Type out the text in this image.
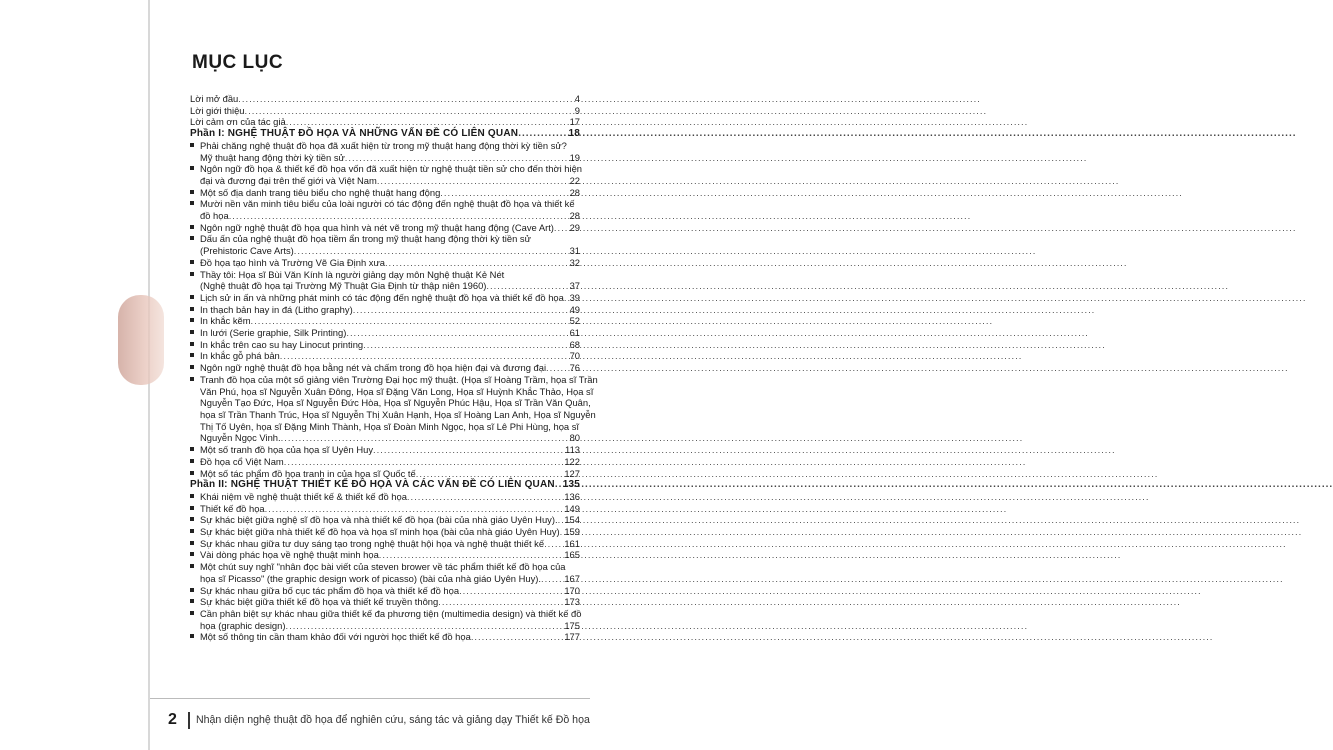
MỤC LỤC
Lời mở đầu .....	4
Lời giới thiệu .....	9
Lời cảm ơn của tác giả .....	17
Phần I: NGHỆ THUẬT ĐỒ HỌA VÀ NHỮNG VẤN ĐỀ CÓ LIÊN QUAN .....	18
Phải chăng nghệ thuật đồ họa đã xuất hiện từ trong mỹ thuật hang động thời kỳ tiền sử?
Mỹ thuật hang động thời kỳ tiền sử .....	19
Ngôn ngữ đồ họa & thiết kế đồ họa vốn đã xuất hiện từ nghệ thuật tiền sử cho đến thời hiện
đại và đương đại trên thế giới và Việt Nam .....	22
Một số địa danh trang tiêu biểu cho nghệ thuật hang động .....	28
Mười nền văn minh tiêu biểu của loài người có tác động đến nghệ thuật đồ họa và thiết kế
đồ họa .....	28
Ngôn ngữ nghệ thuật đồ họa qua hình và nét vẽ trong mỹ thuật hang động (Cave Art) ..... 29
Dấu ấn của nghệ thuật đồ họa tiềm ẩn trong mỹ thuật hang động thời kỳ tiền sử
(Prehistoric Cave Arts) .....	31
Đồ họa tạo hình và Trường Vẽ Gia Định xưa .....	32
Thầy tôi: Họa sĩ Bùi Văn Kính là người giảng dạy môn Nghệ thuật Kẻ Nét
(Nghệ thuật đồ họa tại Trường Mỹ Thuật Gia Định từ thập niên 1960) .....	37
Lịch sử in ấn và những phát minh có tác động đến nghệ thuật đồ họa và thiết kế đồ họa ..... 39
In thạch bản hay in đá (Litho graphy) .....	49
In khắc kẽm .....	52
In lưới (Serie graphie, Silk Printing) .....	61
In khắc trên cao su hay Linocut printing .....	68
In khắc gỗ phá bản .....	70
Ngôn ngữ nghệ thuật đồ họa bằng nét và chấm trong đồ họa hiện đại và đương đại .....	76
Tranh đồ họa của một số giảng viên Trường Đại học mỹ thuật. (Họa sĩ Hoàng Trầm, họa sĩ Trần
Văn Phú, họa sĩ Nguyễn Xuân Đông, Họa sĩ Đặng Văn Long, Họa sĩ Huỳnh Khắc Thảo, Họa sĩ
Nguyễn Tạo Đức, Họa sĩ Nguyễn Đức Hòa, Họa sĩ Nguyễn Phúc Hậu, Họa sĩ Trần Văn Quân,
họa sĩ Trần Thanh Trúc, Họa sĩ Nguyễn Thị Xuân Hạnh, Họa sĩ Hoàng Lan Anh, Họa sĩ Nguyễn
Thị Tố Uyên, họa sĩ Đặng Minh Thành, Họa sĩ Đoàn Minh Ngọc, họa sĩ Lê Phi Hùng, họa sĩ
Nguyễn Ngọc Vinh. .....	80
Một số tranh đồ họa của họa sĩ Uyên Huy .....	113
Đồ họa cổ Việt Nam .....	122
Một số tác phẩm đồ họa tranh in của họa sĩ Quốc tế .....	127
Phần II: NGHỆ THUẬT THIẾT KẾ ĐỒ HỌA VÀ CÁC VẤN ĐỀ CÓ LIÊN QUAN ..... 135
Khái niệm về nghệ thuật thiết kế & thiết kế đồ họa .....	136
Thiết kế đồ họa .....	149
Sự khác biệt giữa nghệ sĩ đồ họa và nhà thiết kế đồ họa (bài của nhà giáo Uyên Huy). ..... 154
Sự khác biệt giữa nhà thiết kế đồ họa và họa sĩ minh họa (bài của nhà giáo Uyên Huy) ..... 159
Sự khác nhau giữa tư duy sáng tạo trong nghệ thuật hội họa và nghệ thuật thiết kế ..... 161
Vài dòng phác họa về nghệ thuật minh họa .....	165
Một chút suy nghĩ "nhân đọc bài viết của steven brower về tác phẩm thiết kế đồ họa của
họa sĩ Picasso" (the graphic design work of picasso) (bài của nhà giáo Uyên Huy). ..... 167
Sự khác nhau giữa bố cục tác phẩm đồ họa và thiết kế đồ họa .....	170
Sự khác biệt giữa thiết kế đồ họa và thiết kế truyền thông .....	173
Cần phân biệt sự khác nhau giữa thiết kế đa phương tiện (multimedia design) và thiết kế đồ
họa (graphic design) .....	175
Một số thông tin cần tham khảo đối với người học thiết kế đồ họa .....	177
2 Nhận diện nghệ thuật đồ họa để nghiên cứu, sáng tác và giảng dạy Thiết kế Đồ họa
